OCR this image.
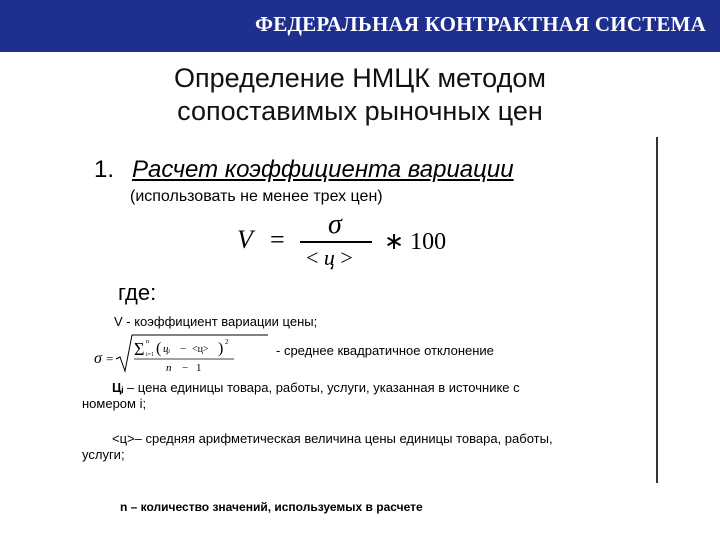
ФЕДЕРАЛЬНАЯ КОНТРАКТНАЯ СИСТЕМА
Определение НМЦК методом
сопоставимых рыночных цен
1. Расчет коэффициента вариации
(использовать не менее трех цен)
V = σ
< ц >
∗ 100
где:
V - коэффициент вариации цены;
σ = Σ n
i=1 ( цᵢ − <ц> ) 2
n − 1
- среднее квадратичное отклонение
Цᵢ – цена единицы товара, работы, услуги, указанная в источнике с
номером i;
<ц>– средняя арифметическая величина цены единицы товара, работы,
услуги;
n – количество значений, используемых в расчете
